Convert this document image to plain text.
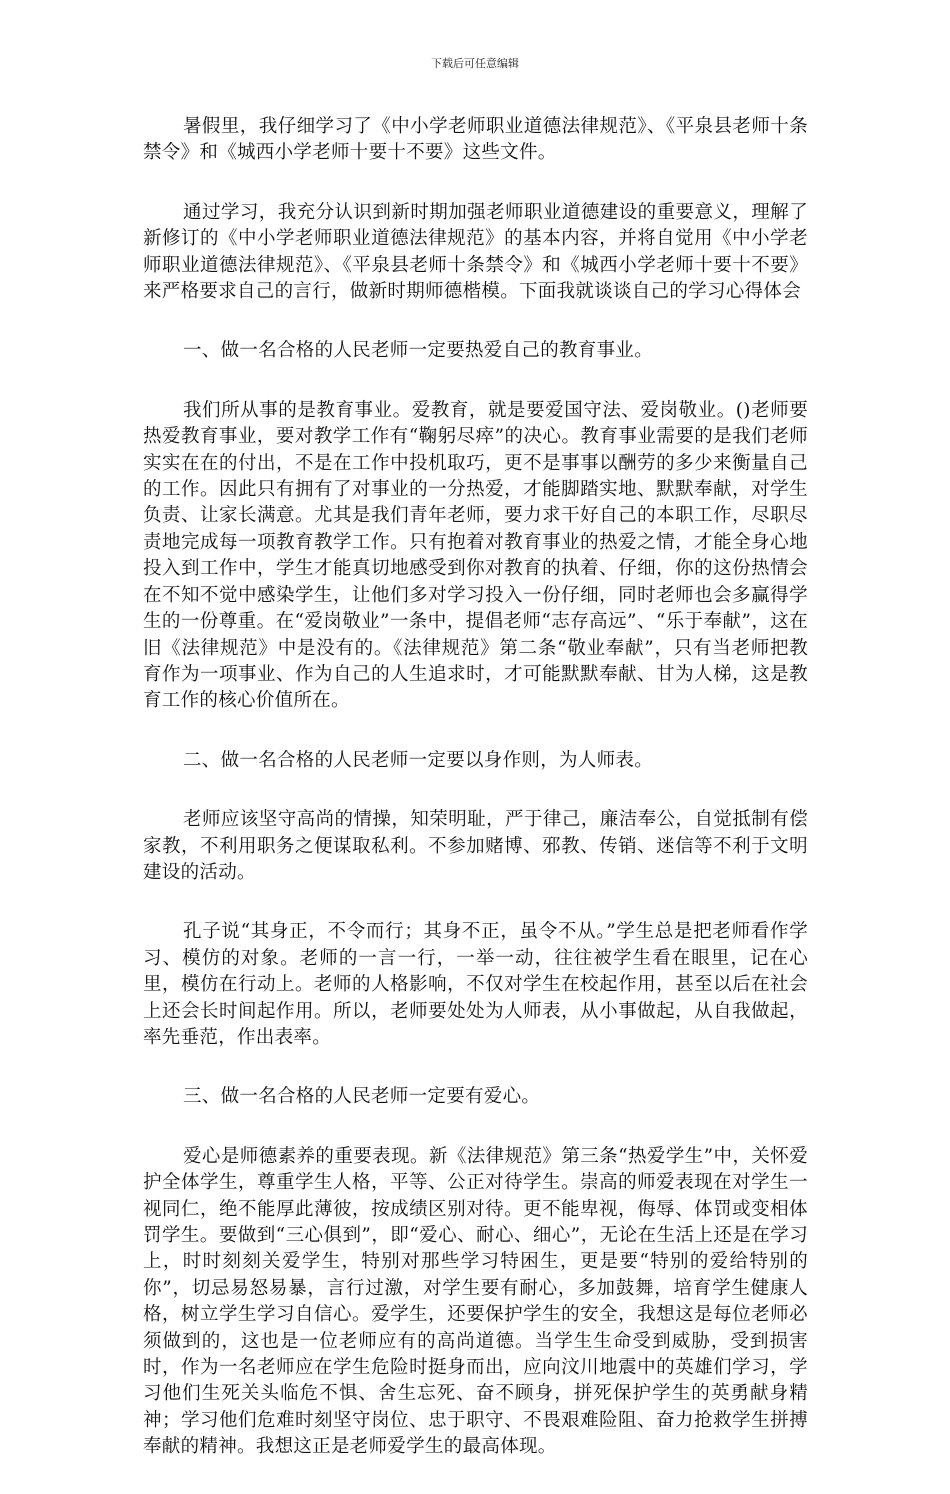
下载后可任意编辑

暑假里，我仔细学习了《中小学老师职业道德法律规范》、《平泉县老师十条禁令》和《城西小学老师十要十不要》这些文件。

通过学习，我充分认识到新时期加强老师职业道德建设的重要意义，理解了新修订的《中小学老师职业道德法律规范》的基本内容，并将自觉用《中小学老师职业道德法律规范》、《平泉县老师十条禁令》和《城西小学老师十要十不要》来严格要求自己的言行，做新时期师德楷模。下面我就谈谈自己的学习心得体会

一、做一名合格的人民老师一定要热爱自己的教育事业。

我们所从事的是教育事业。爱教育，就是要爱国守法、爱岗敬业。()老师要热爱教育事业，要对教学工作有“鞠躬尽瘁”的决心。教育事业需要的是我们老师实实在在的付出，不是在工作中投机取巧，更不是事事以酬劳的多少来衡量自己的工作。因此只有拥有了对事业的一分热爱，才能脚踏实地、默默奉献，对学生负责、让家长满意。尤其是我们青年老师，要力求干好自己的本职工作，尽职尽责地完成每一项教育教学工作。只有抱着对教育事业的热爱之情，才能全身心地投入到工作中，学生才能真切地感受到你对教育的执着、仔细，你的这份热情会在不知不觉中感染学生，让他们多对学习投入一份仔细，同时老师也会多赢得学生的一份尊重。在“爱岗敬业”一条中，提倡老师“志存高远”、“乐于奉献”，这在旧《法律规范》中是没有的。《法律规范》第二条“敬业奉献”，只有当老师把教育作为一项事业、作为自己的人生追求时，才可能默默奉献、甘为人梯，这是教育工作的核心价值所在。

二、做一名合格的人民老师一定要以身作则，为人师表。

老师应该坚守高尚的情操，知荣明耻，严于律己，廉洁奉公，自觉抵制有偿家教，不利用职务之便谋取私利。不参加赌博、邪教、传销、迷信等不利于文明建设的活动。

孔子说“其身正，不令而行；其身不正，虽令不从。”学生总是把老师看作学习、模仿的对象。老师的一言一行，一举一动，往往被学生看在眼里，记在心里，模仿在行动上。老师的人格影响，不仅对学生在校起作用，甚至以后在社会上还会长时间起作用。所以，老师要处处为人师表，从小事做起，从自我做起，率先垂范，作出表率。

三、做一名合格的人民老师一定要有爱心。

爱心是师德素养的重要表现。新《法律规范》第三条“热爱学生”中，关怀爱护全体学生，尊重学生人格，平等、公正对待学生。崇高的师爱表现在对学生一视同仁，绝不能厚此薄彼，按成绩区别对待。更不能卑视，侮辱、体罚或变相体罚学生。要做到“三心俱到”，即“爱心、耐心、细心”，无论在生活上还是在学习上，时时刻刻关爱学生，特别对那些学习特困生，更是要“特别的爱给特别的你”，切忌易怒易暴，言行过激，对学生要有耐心，多加鼓舞，培育学生健康人格，树立学生学习自信心。爱学生，还要保护学生的安全，我想这是每位老师必须做到的，这也是一位老师应有的高尚道德。当学生生命受到威胁，受到损害时，作为一名老师应在学生危险时挺身而出，应向汶川地震中的英雄们学习，学习他们生死关头临危不惧、舍生忘死、奋不顾身，拼死保护学生的英勇献身精神；学习他们危难时刻坚守岗位、忠于职守、不畏艰难险阻、奋力抢救学生拼搏奉献的精神。我想这正是老师爱学生的最高体现。
